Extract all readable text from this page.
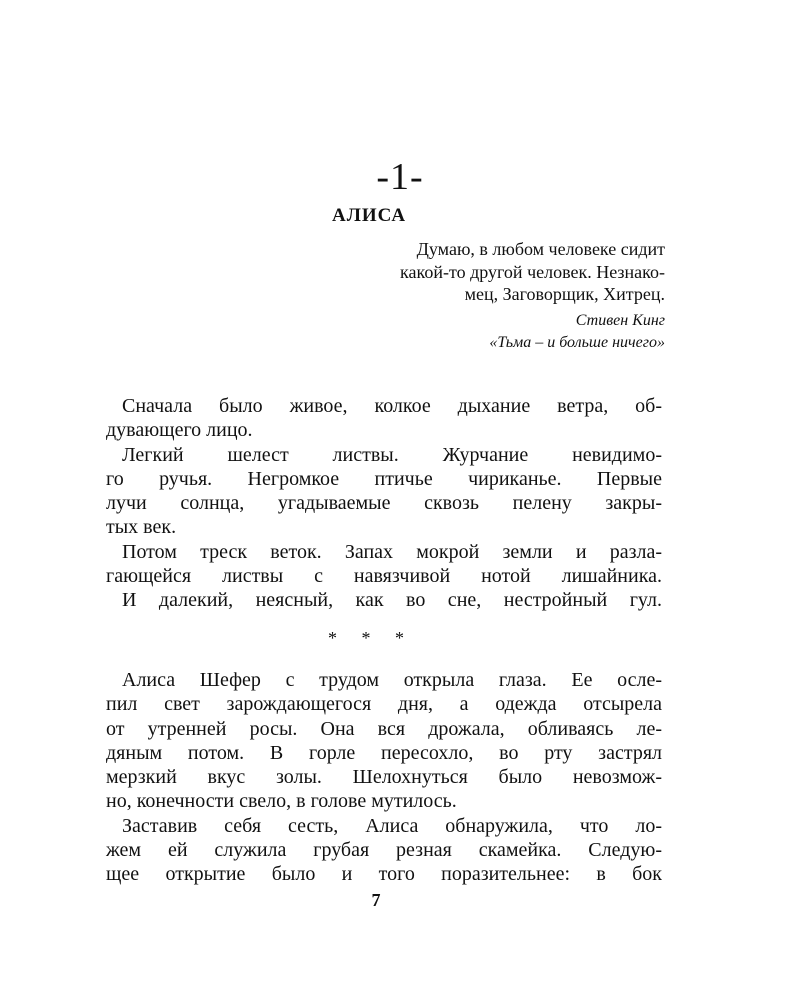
-1-
АЛИСА
Думаю, в любом человеке сидит
какой-то другой человек. Незнако-
мец, Заговорщик, Хитрец.
Стивен Кинг
«Тьма – и больше ничего»

Сначала было живое, колкое дыхание ветра, об-
дувающего лицо.

Легкий шелест листвы. Журчание невидимо-
го ручья. Негромкое птичье чириканье. Первые
лучи солнца, угадываемые сквозь пелену закры-
тых век.

Потом треск веток. Запах мокрой земли и разла-
гающейся листвы с навязчивой нотой лишайника.

И далекий, неясный, как во сне, нестройный гул.

* * *

Алиса Шефер с трудом открыла глаза. Ее осле-
пил свет зарождающегося дня, а одежда отсырела
от утренней росы. Она вся дрожала, обливаясь ле-
дяным потом. В горле пересохло, во рту застрял
мерзкий вкус золы. Шелохнуться было невозмож-
но, конечности свело, в голове мутилось.

Заставив себя сесть, Алиса обнаружила, что ло-
жем ей служила грубая резная скамейка. Следую-
щее открытие было и того поразительнее: в бок

7
